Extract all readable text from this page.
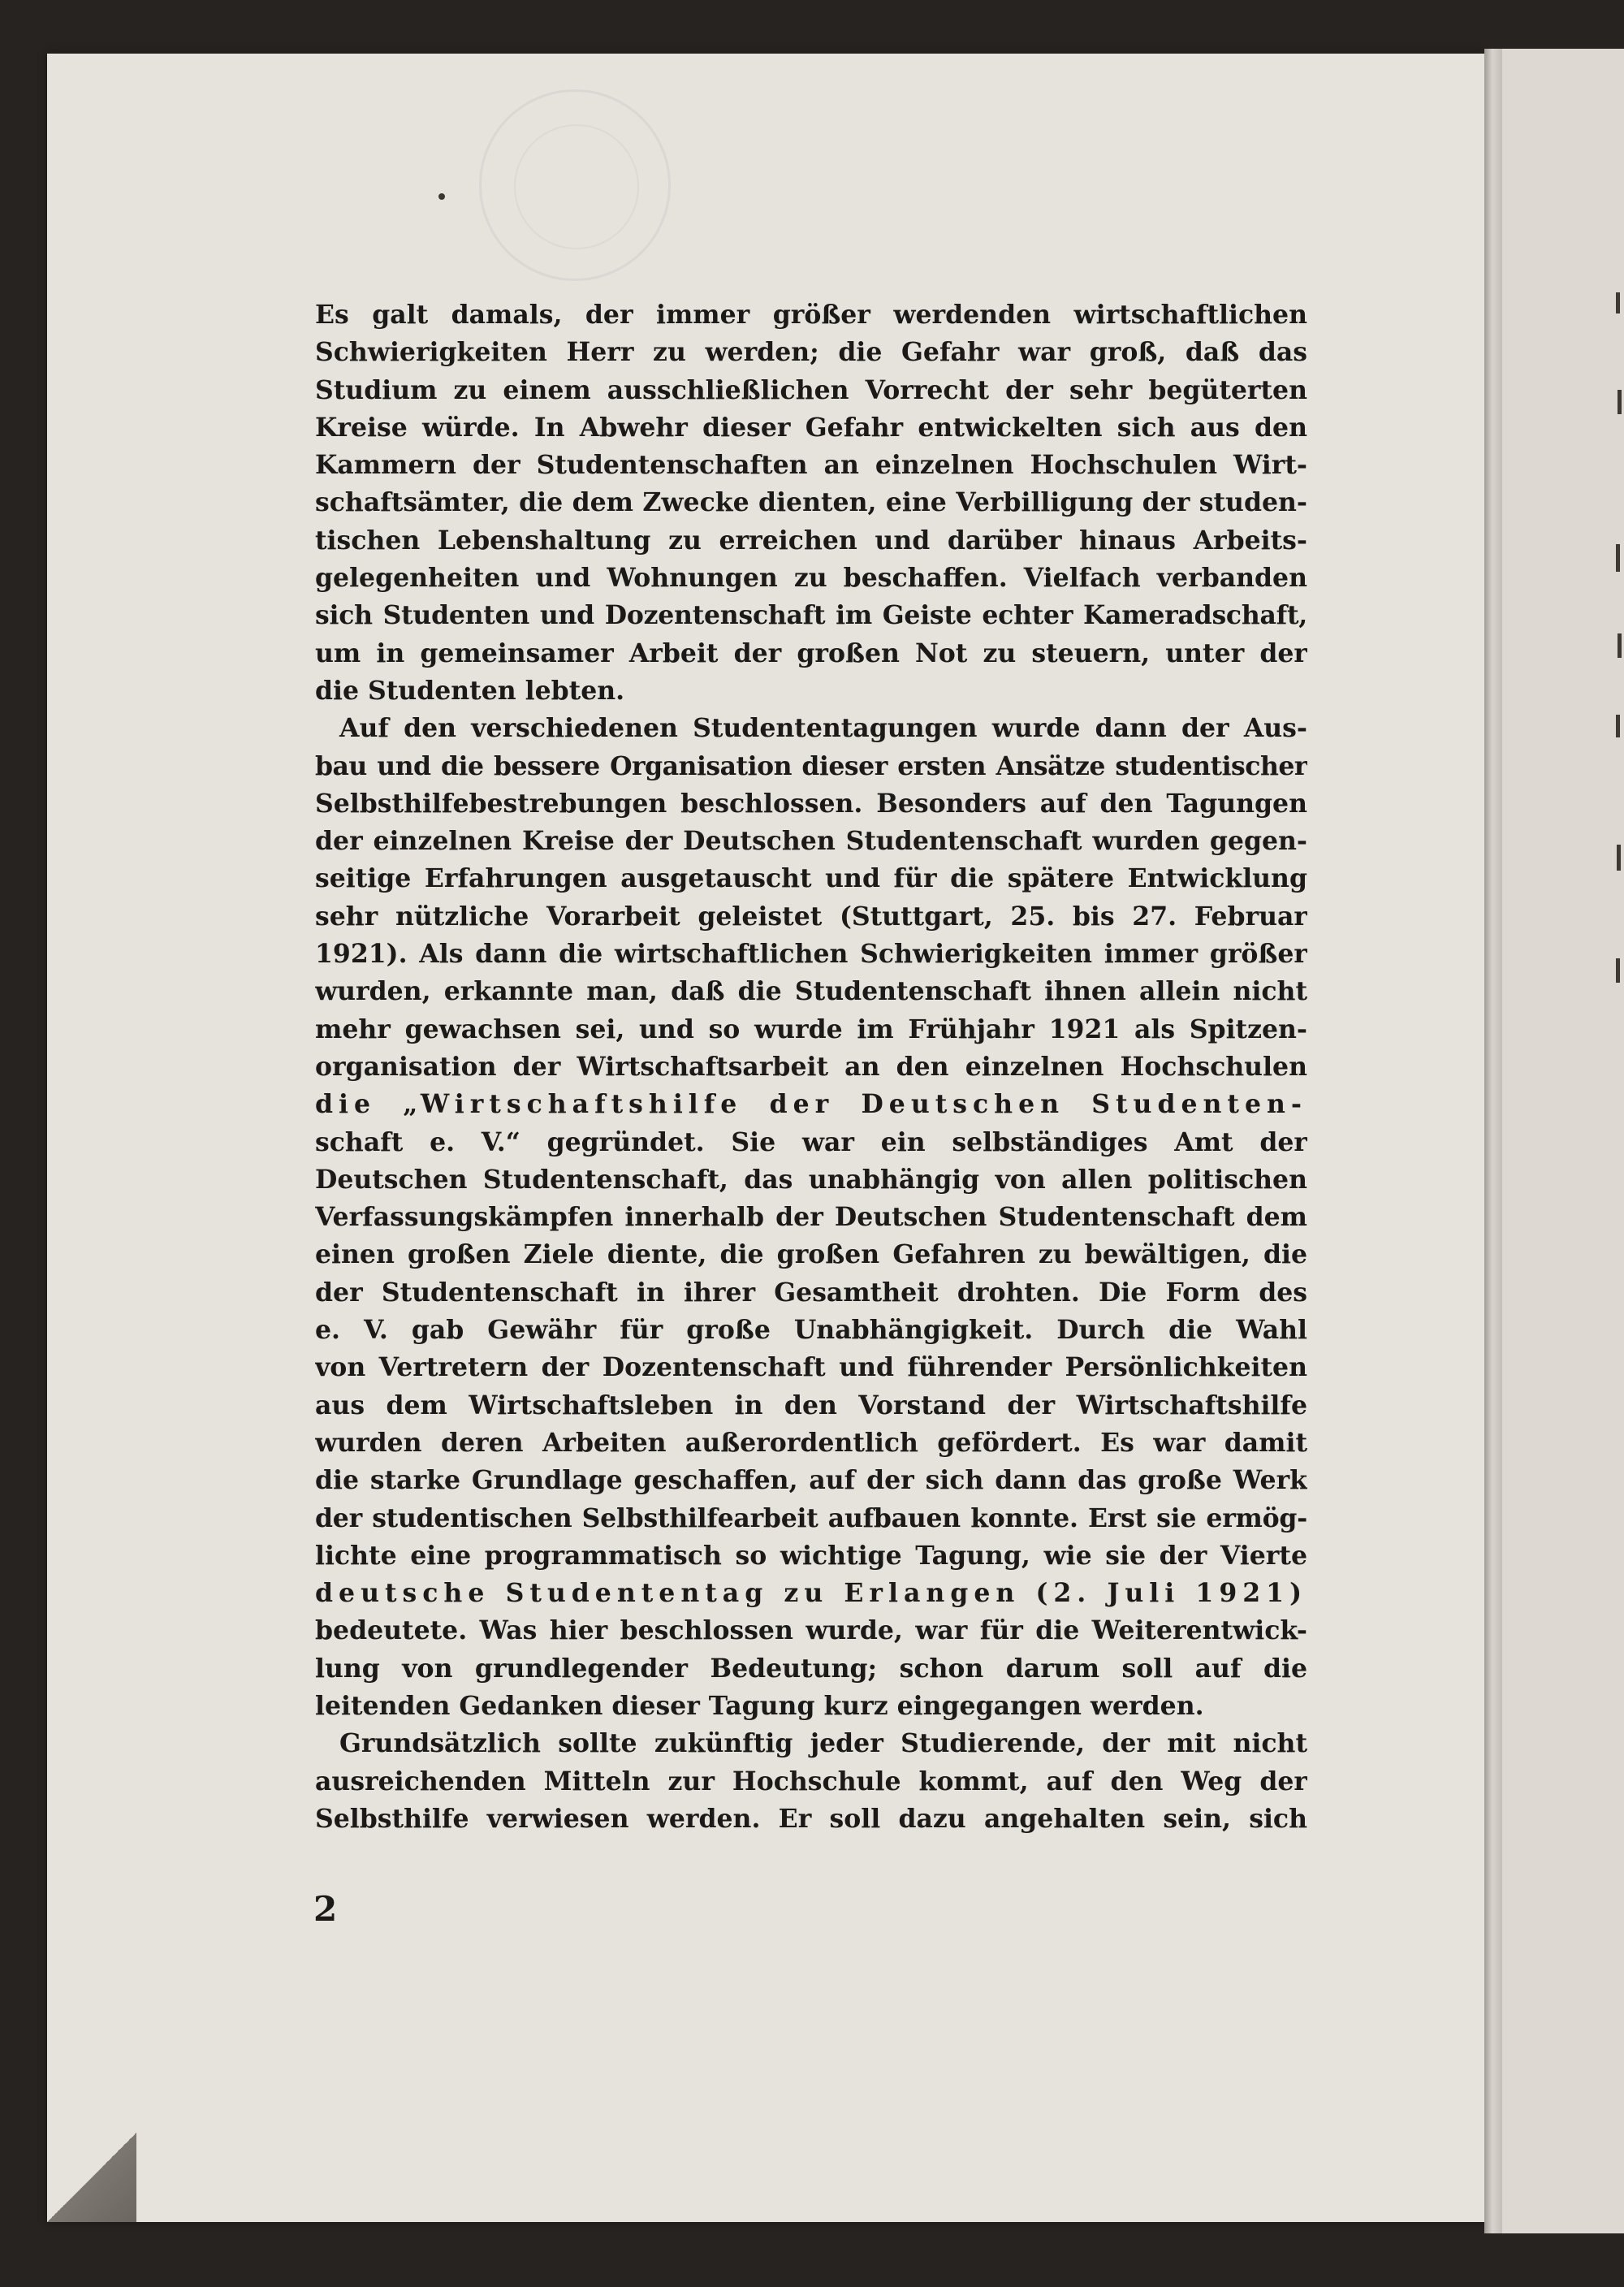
Es galt damals, der immer größer werdenden wirtschaftlichen
Schwierigkeiten Herr zu werden; die Gefahr war groß, daß das
Studium zu einem ausschließlichen Vorrecht der sehr begüterten
Kreise würde. In Abwehr dieser Gefahr entwickelten sich aus den
Kammern der Studentenschaften an einzelnen Hochschulen Wirt-
schaftsämter, die dem Zwecke dienten, eine Verbilligung der studen-
tischen Lebenshaltung zu erreichen und darüber hinaus Arbeits-
gelegenheiten und Wohnungen zu beschaffen. Vielfach verbanden
sich Studenten und Dozentenschaft im Geiste echter Kameradschaft,
um in gemeinsamer Arbeit der großen Not zu steuern, unter der
die Studenten lebten.
Auf den verschiedenen Studententagungen wurde dann der Aus-
bau und die bessere Organisation dieser ersten Ansätze studentischer
Selbsthilfebestrebungen beschlossen. Besonders auf den Tagungen
der einzelnen Kreise der Deutschen Studentenschaft wurden gegen-
seitige Erfahrungen ausgetauscht und für die spätere Entwicklung
sehr nützliche Vorarbeit geleistet (Stuttgart, 25. bis 27. Februar
1921). Als dann die wirtschaftlichen Schwierigkeiten immer größer
wurden, erkannte man, daß die Studentenschaft ihnen allein nicht
mehr gewachsen sei, und so wurde im Frühjahr 1921 als Spitzen-
organisation der Wirtschaftsarbeit an den einzelnen Hochschulen
die „Wirtschaftshilfe der Deutschen Studenten-
schaft e. V.“ gegründet. Sie war ein selbständiges Amt der
Deutschen Studentenschaft, das unabhängig von allen politischen
Verfassungskämpfen innerhalb der Deutschen Studentenschaft dem
einen großen Ziele diente, die großen Gefahren zu bewältigen, die
der Studentenschaft in ihrer Gesamtheit drohten. Die Form des
e. V. gab Gewähr für große Unabhängigkeit. Durch die Wahl
von Vertretern der Dozentenschaft und führender Persönlichkeiten
aus dem Wirtschaftsleben in den Vorstand der Wirtschaftshilfe
wurden deren Arbeiten außerordentlich gefördert. Es war damit
die starke Grundlage geschaffen, auf der sich dann das große Werk
der studentischen Selbsthilfearbeit aufbauen konnte. Erst sie ermög-
lichte eine programmatisch so wichtige Tagung, wie sie der Vierte
deutsche Studententag zu Erlangen (2. Juli 1921)
bedeutete. Was hier beschlossen wurde, war für die Weiterentwick-
lung von grundlegender Bedeutung; schon darum soll auf die
leitenden Gedanken dieser Tagung kurz eingegangen werden.
Grundsätzlich sollte zukünftig jeder Studierende, der mit nicht
ausreichenden Mitteln zur Hochschule kommt, auf den Weg der
Selbsthilfe verwiesen werden. Er soll dazu angehalten sein, sich
2
